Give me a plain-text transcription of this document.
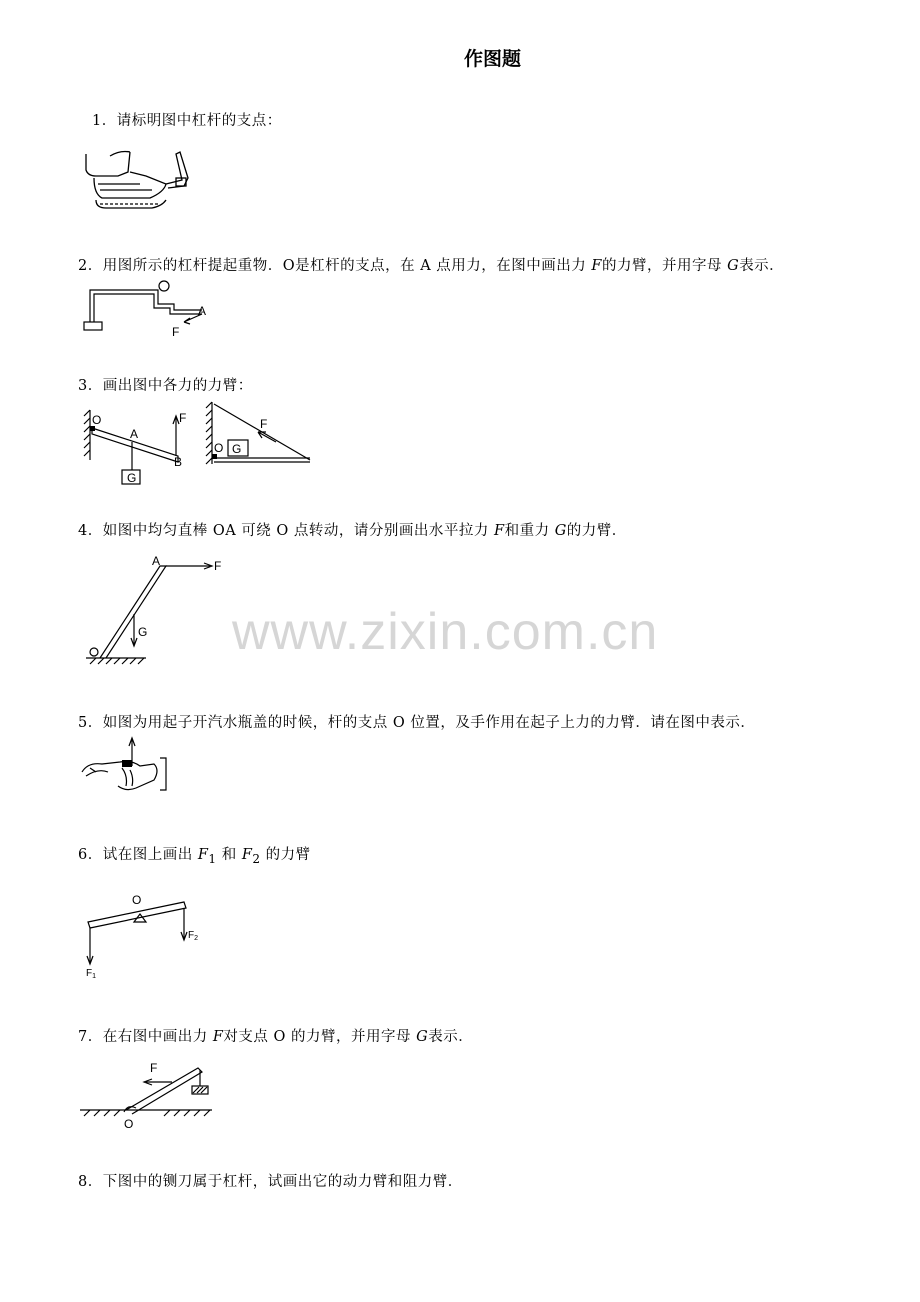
作图题
1．请标明图中杠杆的支点：
2．用图所示的杠杆提起重物．O是杠杆的支点，在 A 点用力，在图中画出力 F的力臂，并用字母 G表示．
A
F
3．画出图中各力的力臂：
O
A
B
F
G
O G
F
4．如图中均匀直棒 OA 可绕 O 点转动，请分别画出水平拉力 F和重力 G的力臂．
A	F
G
5．如图为用起子开汽水瓶盖的时候，杆的支点 O 位置，及手作用在起子上力的力臂．请在图中表示．
6．试在图上画出 $F_1$ 和 $F_2$ 的力臂
O
$F_2$
$F_1$
7．在右图中画出力 F对支点 O 的力臂，并用字母 G表示．
F
O
8．下图中的铡刀属于杠杆，试画出它的动力臂和阻力臂．
www.zixin.com.cn
